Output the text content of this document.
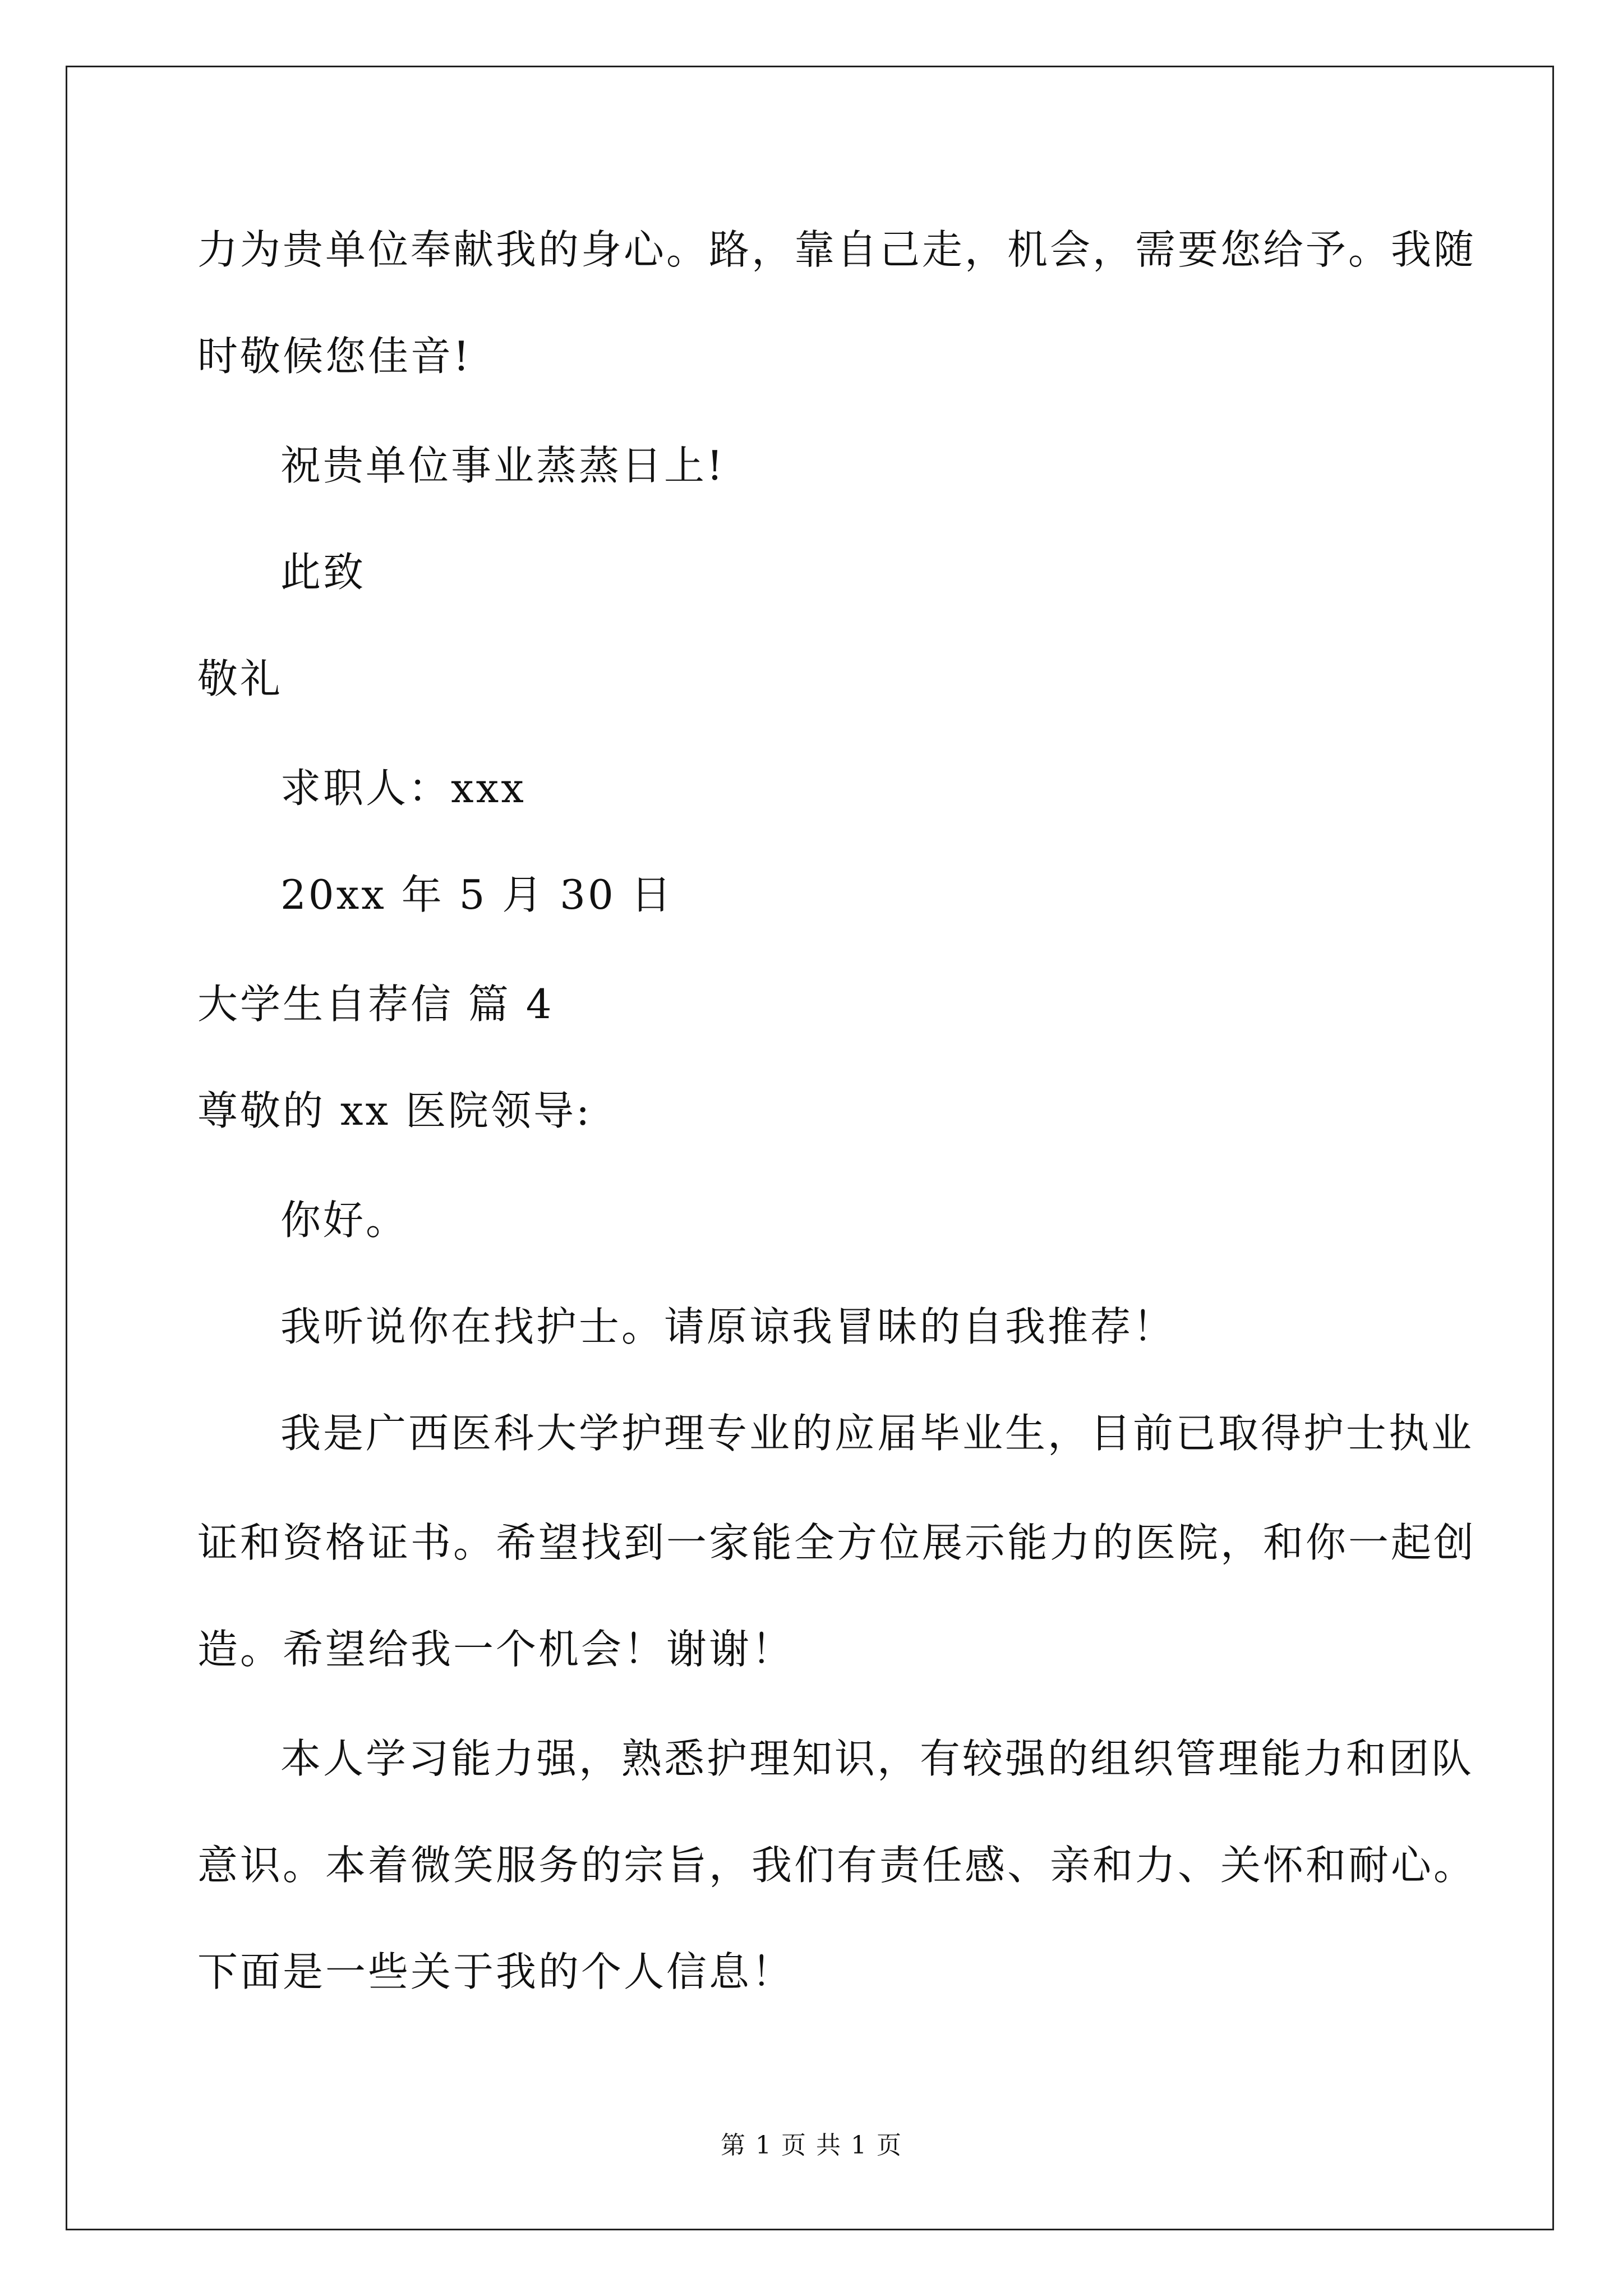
力为贵单位奉献我的身心。路，靠自己走，机会，需要您给予。我随
时敬候您佳音!
祝贵单位事业蒸蒸日上!
此致
敬礼
求职人：xxx
20xx 年 5 月 30 日
大学生自荐信 篇 4
尊敬的 xx 医院领导:
你好。
我听说你在找护士。请原谅我冒昧的自我推荐！
我是广西医科大学护理专业的应届毕业生，目前已取得护士执业
证和资格证书。希望找到一家能全方位展示能力的医院，和你一起创
造。希望给我一个机会！谢谢！
本人学习能力强，熟悉护理知识，有较强的组织管理能力和团队
意识。本着微笑服务的宗旨，我们有责任感、亲和力、关怀和耐心。
下面是一些关于我的个人信息！
第 1 页 共 1 页
